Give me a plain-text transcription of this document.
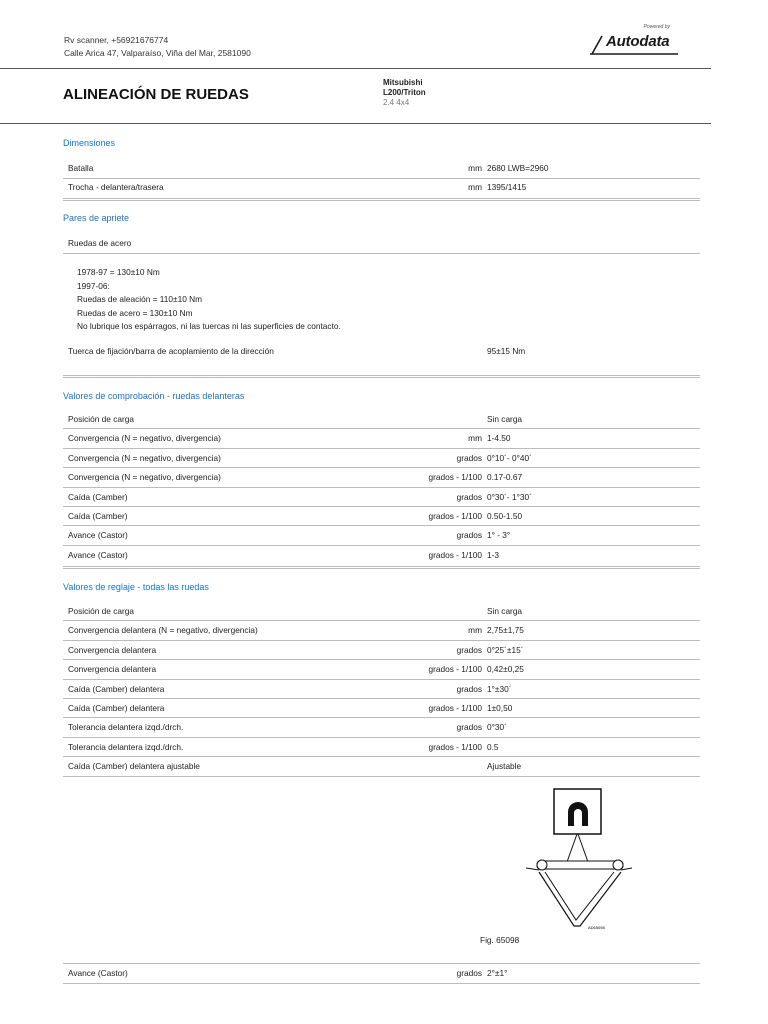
Rv scanner, +56921676774
Calle Arica 47, Valparaíso, Viña del Mar, 2581090
Powered by
Autodata
ALINEACIÓN DE RUEDAS
Mitsubishi
L200/Triton
2.4 4x4
Dimensiones
Batalla	mm 2680 LWB=2960
Trocha - delantera/trasera	mm 1395/1415
Pares de apriete
Ruedas de acero
1978-97 = 130±10 Nm
1997-06:
Ruedas de aleación = 110±10 Nm
Ruedas de acero = 130±10 Nm
No lubrique los espárragos, ni las tuercas ni las superficies de contacto.
Tuerca de fijación/barra de acoplamiento de la dirección	95±15 Nm
Valores de comprobación - ruedas delanteras
Posición de carga	Sin carga
Convergencia (N = negativo, divergencia)	mm 1-4.50
Convergencia (N = negativo, divergencia)	grados 0°10´- 0°40´
Convergencia (N = negativo, divergencia)	grados - 1/100 0.17-0.67
Caída (Camber)	grados 0°30´- 1°30´
Caída (Camber)	grados - 1/100 0.50-1.50
Avance (Castor)	grados 1° - 3°
Avance (Castor)	grados - 1/100 1-3
Valores de reglaje - todas las ruedas
Posición de carga	Sin carga
Convergencia delantera (N = negativo, divergencia)	mm 2,75±1,75
Convergencia delantera	grados 0°25´±15´
Convergencia delantera	grados - 1/100 0,42±0,25
Caída (Camber) delantera	grados 1°±30´
Caída (Camber) delantera	grados - 1/100 1±0,50
Tolerancia delantera izqd./drch.	grados 0°30´
Tolerancia delantera izqd./drch.	grados - 1/100 0.5
Caída (Camber) delantera ajustable	Ajustable
AD65098
Fig. 65098
Avance (Castor)	grados 2°±1°
